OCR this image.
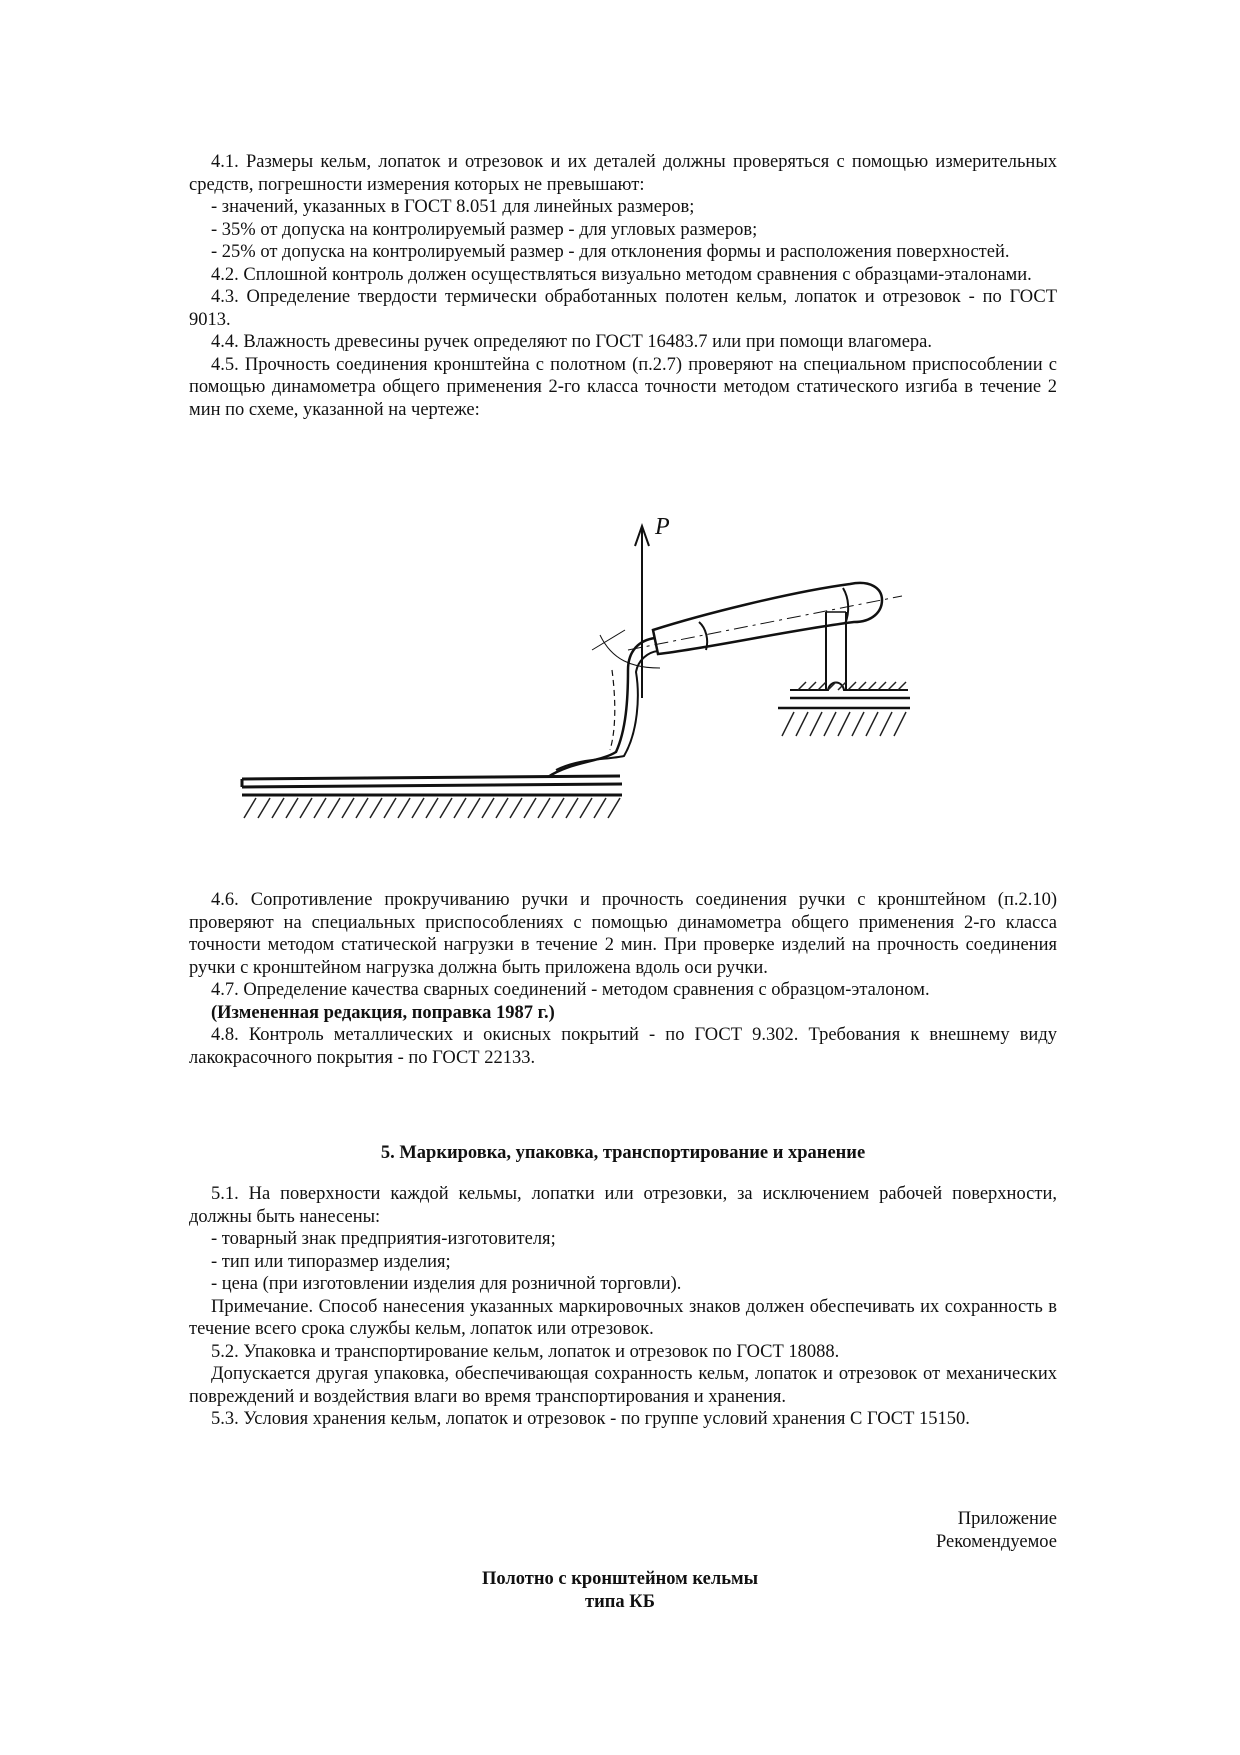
4.1. Размеры кельм, лопаток и отрезовок и их деталей должны проверяться с помощью измерительных средств, погрешности измерения которых не превышают:

- значений, указанных в ГОСТ 8.051 для линейных размеров;

- 35% от допуска на контролируемый размер - для угловых размеров;

- 25% от допуска на контролируемый размер - для отклонения формы и расположения поверхностей.

4.2. Сплошной контроль должен осуществляться визуально методом сравнения с образцами-эталонами.

4.3. Определение твердости термически обработанных полотен кельм, лопаток и отрезовок - по ГОСТ 9013.

4.4. Влажность древесины ручек определяют по ГОСТ 16483.7 или при помощи влагомера.

4.5. Прочность соединения кронштейна с полотном (п.2.7) проверяют на специальном приспособлении с помощью динамометра общего применения 2-го класса точности методом статического изгиба в течение 2 мин по схеме, указанной на чертеже:

P

4.6. Сопротивление прокручиванию ручки и прочность соединения ручки с кронштейном (п.2.10) проверяют на специальных приспособлениях с помощью динамометра общего применения 2-го класса точности методом статической нагрузки в течение 2 мин. При проверке изделий на прочность соединения ручки с кронштейном нагрузка должна быть приложена вдоль оси ручки.

4.7. Определение качества сварных соединений - методом сравнения с образцом-эталоном.

(Измененная редакция, поправка 1987 г.)

4.8. Контроль металлических и окисных покрытий - по ГОСТ 9.302. Требования к внешнему виду лакокрасочного покрытия - по ГОСТ 22133.

5. Маркировка, упаковка, транспортирование и хранение

5.1. На поверхности каждой кельмы, лопатки или отрезовки, за исключением рабочей поверхности, должны быть нанесены:

- товарный знак предприятия-изготовителя;

- тип или типоразмер изделия;

- цена (при изготовлении изделия для розничной торговли).

Примечание. Способ нанесения указанных маркировочных знаков должен обеспечивать их сохранность в течение всего срока службы кельм, лопаток или отрезовок.

5.2. Упаковка и транспортирование кельм, лопаток и отрезовок по ГОСТ 18088.

Допускается другая упаковка, обеспечивающая сохранность кельм, лопаток и отрезовок от механических повреждений и воздействия влаги во время транспортирования и хранения.

5.3. Условия хранения кельм, лопаток и отрезовок - по группе условий хранения С ГОСТ 15150.

Приложение
Рекомендуемое
Полотно с кронштейном кельмы
типа КБ
